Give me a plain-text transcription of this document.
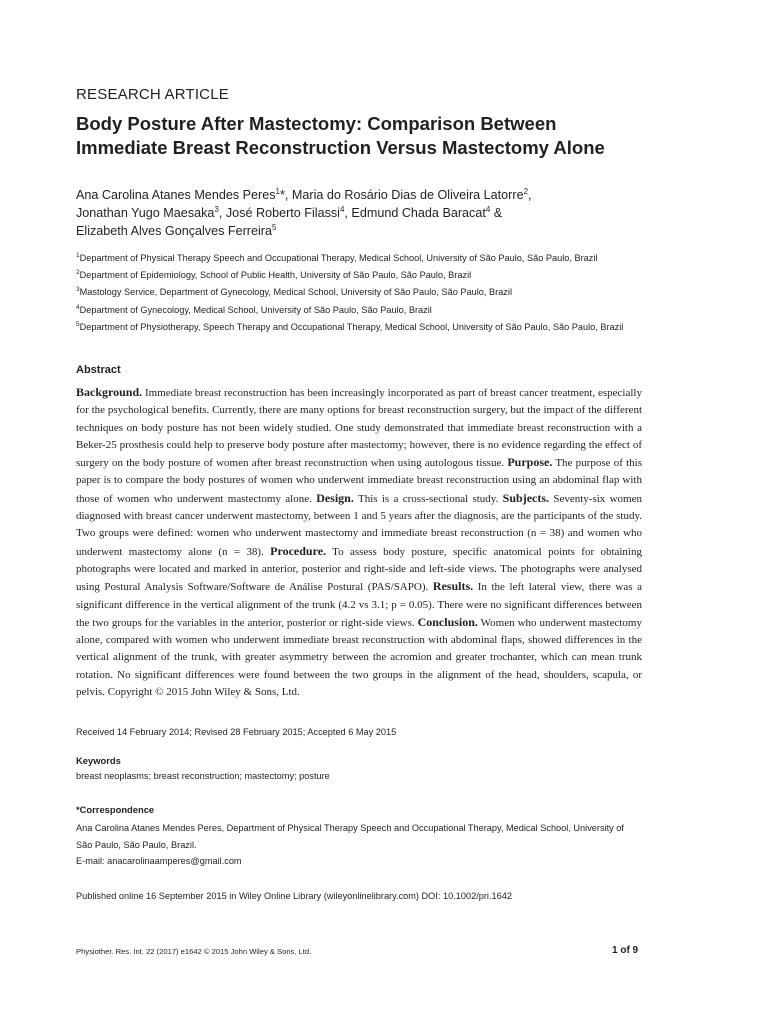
RESEARCH ARTICLE
Body Posture After Mastectomy: Comparison Between Immediate Breast Reconstruction Versus Mastectomy Alone
Ana Carolina Atanes Mendes Peres$^1$*, Maria do Rosário Dias de Oliveira Latorre$^2$,
Jonathan Yugo Maesaka$^3$, José Roberto Filassi$^4$, Edmund Chada Baracat$^4$ &
Elizabeth Alves Gonçalves Ferreira$^5$
$^1$Department of Physical Therapy Speech and Occupational Therapy, Medical School, University of São Paulo, São Paulo, Brazil
$^2$Department of Epidemiology, School of Public Health, University of São Paulo, São Paulo, Brazil
$^3$Mastology Service, Department of Gynecology, Medical School, University of São Paulo, São Paulo, Brazil
$^4$Department of Gynecology, Medical School, University of São Paulo, São Paulo, Brazil
$^5$Department of Physiotherapy, Speech Therapy and Occupational Therapy, Medical School, University of São Paulo, São Paulo, Brazil
Abstract
Background. Immediate breast reconstruction has been increasingly incorporated as part of breast cancer treatment, especially for the psychological benefits. Currently, there are many options for breast reconstruction surgery, but the impact of the different techniques on body posture has not been widely studied. One study demonstrated that immediate breast reconstruction with a Beker-25 prosthesis could help to preserve body posture after mastectomy; however, there is no evidence regarding the effect of surgery on the body posture of women after breast reconstruction when using autologous tissue. Purpose. The purpose of this paper is to compare the body postures of women who underwent immediate breast reconstruction using an abdominal flap with those of women who underwent mastectomy alone. Design. This is a cross-sectional study. Subjects. Seventy-six women diagnosed with breast cancer underwent mastectomy, between 1 and 5 years after the diagnosis, are the participants of the study. Two groups were defined: women who underwent mastectomy and immediate breast reconstruction (n = 38) and women who underwent mastectomy alone (n = 38). Procedure. To assess body posture, specific anatomical points for obtaining photographs were located and marked in anterior, posterior and right-side and left-side views. The photographs were analysed using Postural Analysis Software/Software de Análise Postural (PAS/SAPO). Results. In the left lateral view, there was a significant difference in the vertical alignment of the trunk (4.2 vs 3.1; p = 0.05). There were no significant differences between the two groups for the variables in the anterior, posterior or right-side views. Conclusion. Women who underwent mastectomy alone, compared with women who underwent immediate breast reconstruction with abdominal flaps, showed differences in the vertical alignment of the trunk, with greater asymmetry between the acromion and greater trochanter, which can mean trunk rotation. No significant differences were found between the two groups in the alignment of the head, shoulders, scapula, or pelvis. Copyright © 2015 John Wiley & Sons, Ltd.
Received 14 February 2014; Revised 28 February 2015; Accepted 6 May 2015
Keywords
breast neoplasms; breast reconstruction; mastectomy; posture
*Correspondence
Ana Carolina Atanes Mendes Peres, Department of Physical Therapy Speech and Occupational Therapy, Medical School, University of São Paulo, São Paulo, Brazil.
E-mail: anacarolinaamperes@gmail.com
Published online 16 September 2015 in Wiley Online Library (wileyonlinelibrary.com) DOI: 10.1002/pri.1642
Physiother. Res. Int. 22 (2017) e1642 © 2015 John Wiley & Sons, Ltd.	1 of 9
